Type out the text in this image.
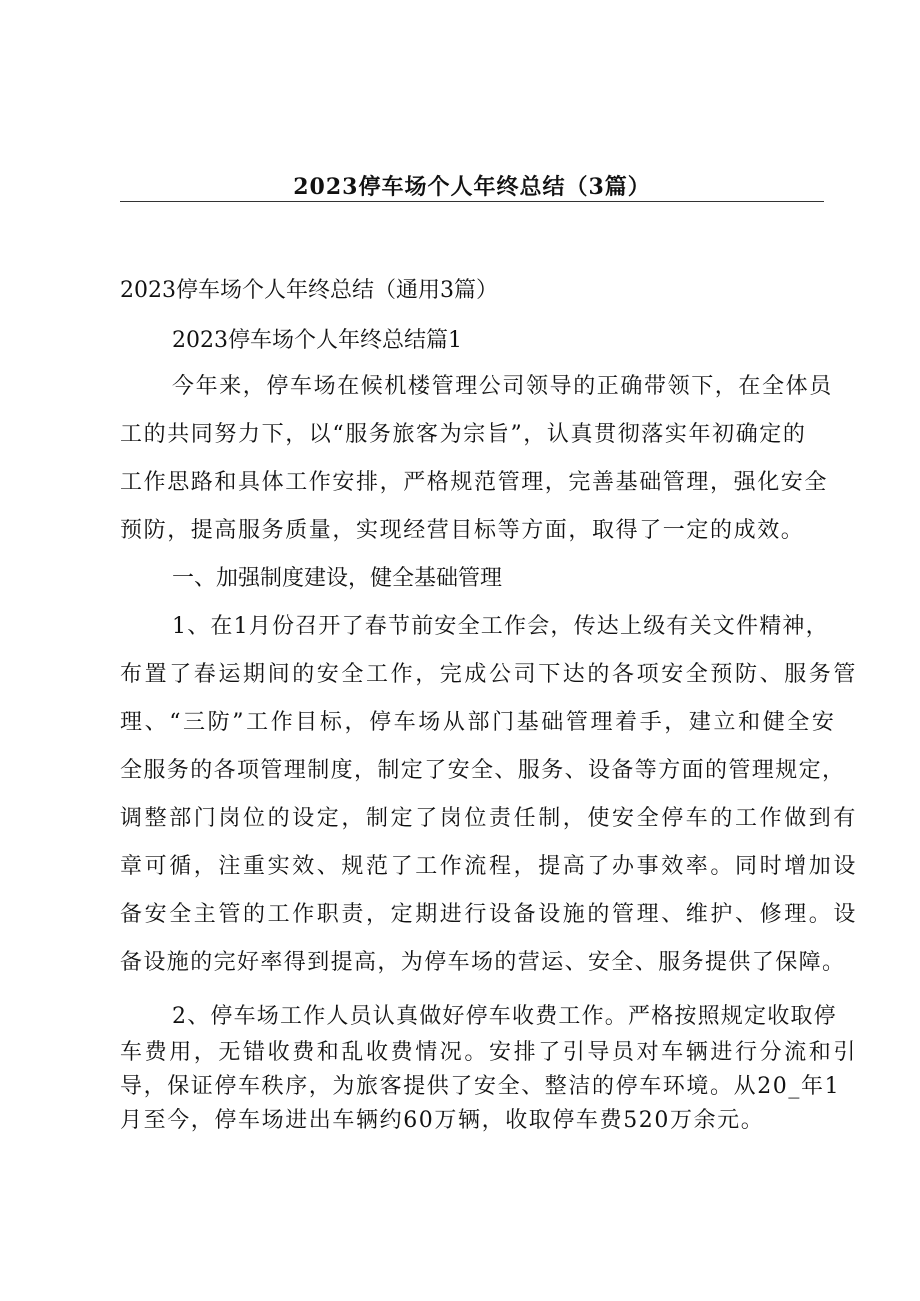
2023停车场个人年终总结（3篇）
2023停车场个人年终总结（通用3篇）
2023停车场个人年终总结篇1
今年来，停车场在候机楼管理公司领导的正确带领下，在全体员
工的共同努力下，以“服务旅客为宗旨”，认真贯彻落实年初确定的
工作思路和具体工作安排，严格规范管理，完善基础管理，强化安全
预防，提高服务质量，实现经营目标等方面，取得了一定的成效。
一、加强制度建设，健全基础管理
1、在1月份召开了春节前安全工作会，传达上级有关文件精神，
布置了春运期间的安全工作，完成公司下达的各项安全预防、服务管
理、“三防”工作目标，停车场从部门基础管理着手，建立和健全安
全服务的各项管理制度，制定了安全、服务、设备等方面的管理规定，
调整部门岗位的设定，制定了岗位责任制，使安全停车的工作做到有
章可循，注重实效、规范了工作流程，提高了办事效率。同时增加设
备安全主管的工作职责，定期进行设备设施的管理、维护、修理。设
备设施的完好率得到提高，为停车场的营运、安全、服务提供了保障。
2、停车场工作人员认真做好停车收费工作。严格按照规定收取停
车费用，无错收费和乱收费情况。安排了引导员对车辆进行分流和引
导，保证停车秩序，为旅客提供了安全、整洁的停车环境。从20_年1
月至今，停车场进出车辆约60万辆，收取停车费520万余元。
